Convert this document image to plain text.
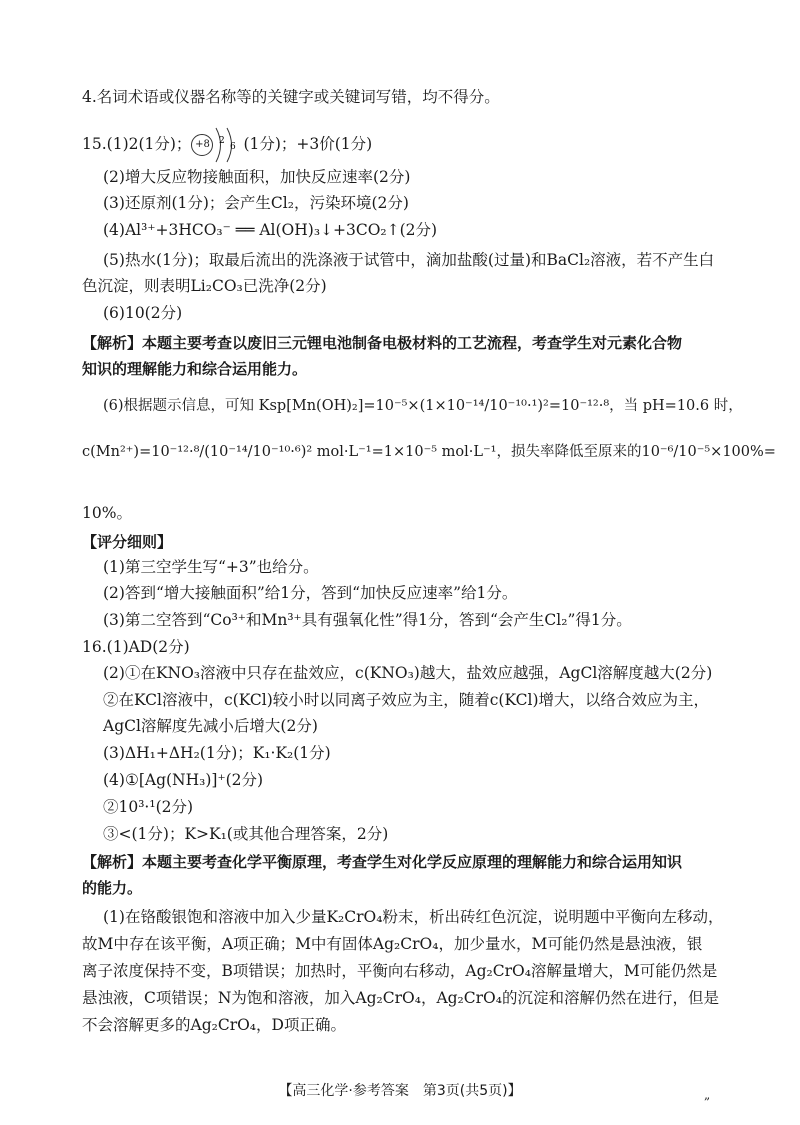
4.名词术语或仪器名称等的关键字或关键词写错，均不得分。
15.(1)2(1分)； +8 2
6 (1分)；+3价(1分)
(2)增大反应物接触面积，加快反应速率(2分)
(3)还原剂(1分)；会产生Cl₂，污染环境(2分)
(4)Al³⁺+3HCO₃⁻ ══ Al(OH)₃↓+3CO₂↑(2分)
(5)热水(1分)；取最后流出的洗涤液于试管中，滴加盐酸(过量)和BaCl₂溶液，若不产生白
色沉淀，则表明Li₂CO₃已洗净(2分)
(6)10(2分)
【解析】本题主要考查以废旧三元锂电池制备电极材料的工艺流程，考查学生对元素化合物
知识的理解能力和综合运用能力。
(6)根据题示信息，可知 Ksp[Mn(OH)₂]=10⁻⁵×(1×10⁻¹⁴/10⁻¹⁰·¹)²=10⁻¹²·⁸，当 pH=10.6 时，
c(Mn²⁺)=10⁻¹²·⁸/(10⁻¹⁴/10⁻¹⁰·⁶)² mol·L⁻¹=1×10⁻⁵ mol·L⁻¹，损失率降低至原来的10⁻⁶/10⁻⁵×100%=
10%。
【评分细则】
(1)第三空学生写“+3”也给分。
(2)答到“增大接触面积”给1分，答到“加快反应速率”给1分。
(3)第二空答到“Co³⁺和Mn³⁺具有强氧化性”得1分，答到“会产生Cl₂”得1分。
16.(1)AD(2分)
(2)①在KNO₃溶液中只存在盐效应，c(KNO₃)越大，盐效应越强，AgCl溶解度越大(2分)
②在KCl溶液中，c(KCl)较小时以同离子效应为主，随着c(KCl)增大，以络合效应为主，
AgCl溶解度先减小后增大(2分)
(3)ΔH₁+ΔH₂(1分)；K₁·K₂(1分)
(4)①[Ag(NH₃)]⁺(2分)
②10³·¹(2分)
③<(1分)；K>K₁(或其他合理答案，2分)
【解析】本题主要考查化学平衡原理，考查学生对化学反应原理的理解能力和综合运用知识
的能力。
(1)在铬酸银饱和溶液中加入少量K₂CrO₄粉末，析出砖红色沉淀，说明题中平衡向左移动，
故M中存在该平衡，A项正确；M中有固体Ag₂CrO₄，加少量水，M可能仍然是悬浊液，银
离子浓度保持不变，B项错误；加热时，平衡向右移动，Ag₂CrO₄溶解量增大，M可能仍然是
悬浊液，C项错误；N为饱和溶液，加入Ag₂CrO₄，Ag₂CrO₄的沉淀和溶解仍然在进行，但是
不会溶解更多的Ag₂CrO₄，D项正确。
【高三化学·参考答案　第3页(共5页)】	„
